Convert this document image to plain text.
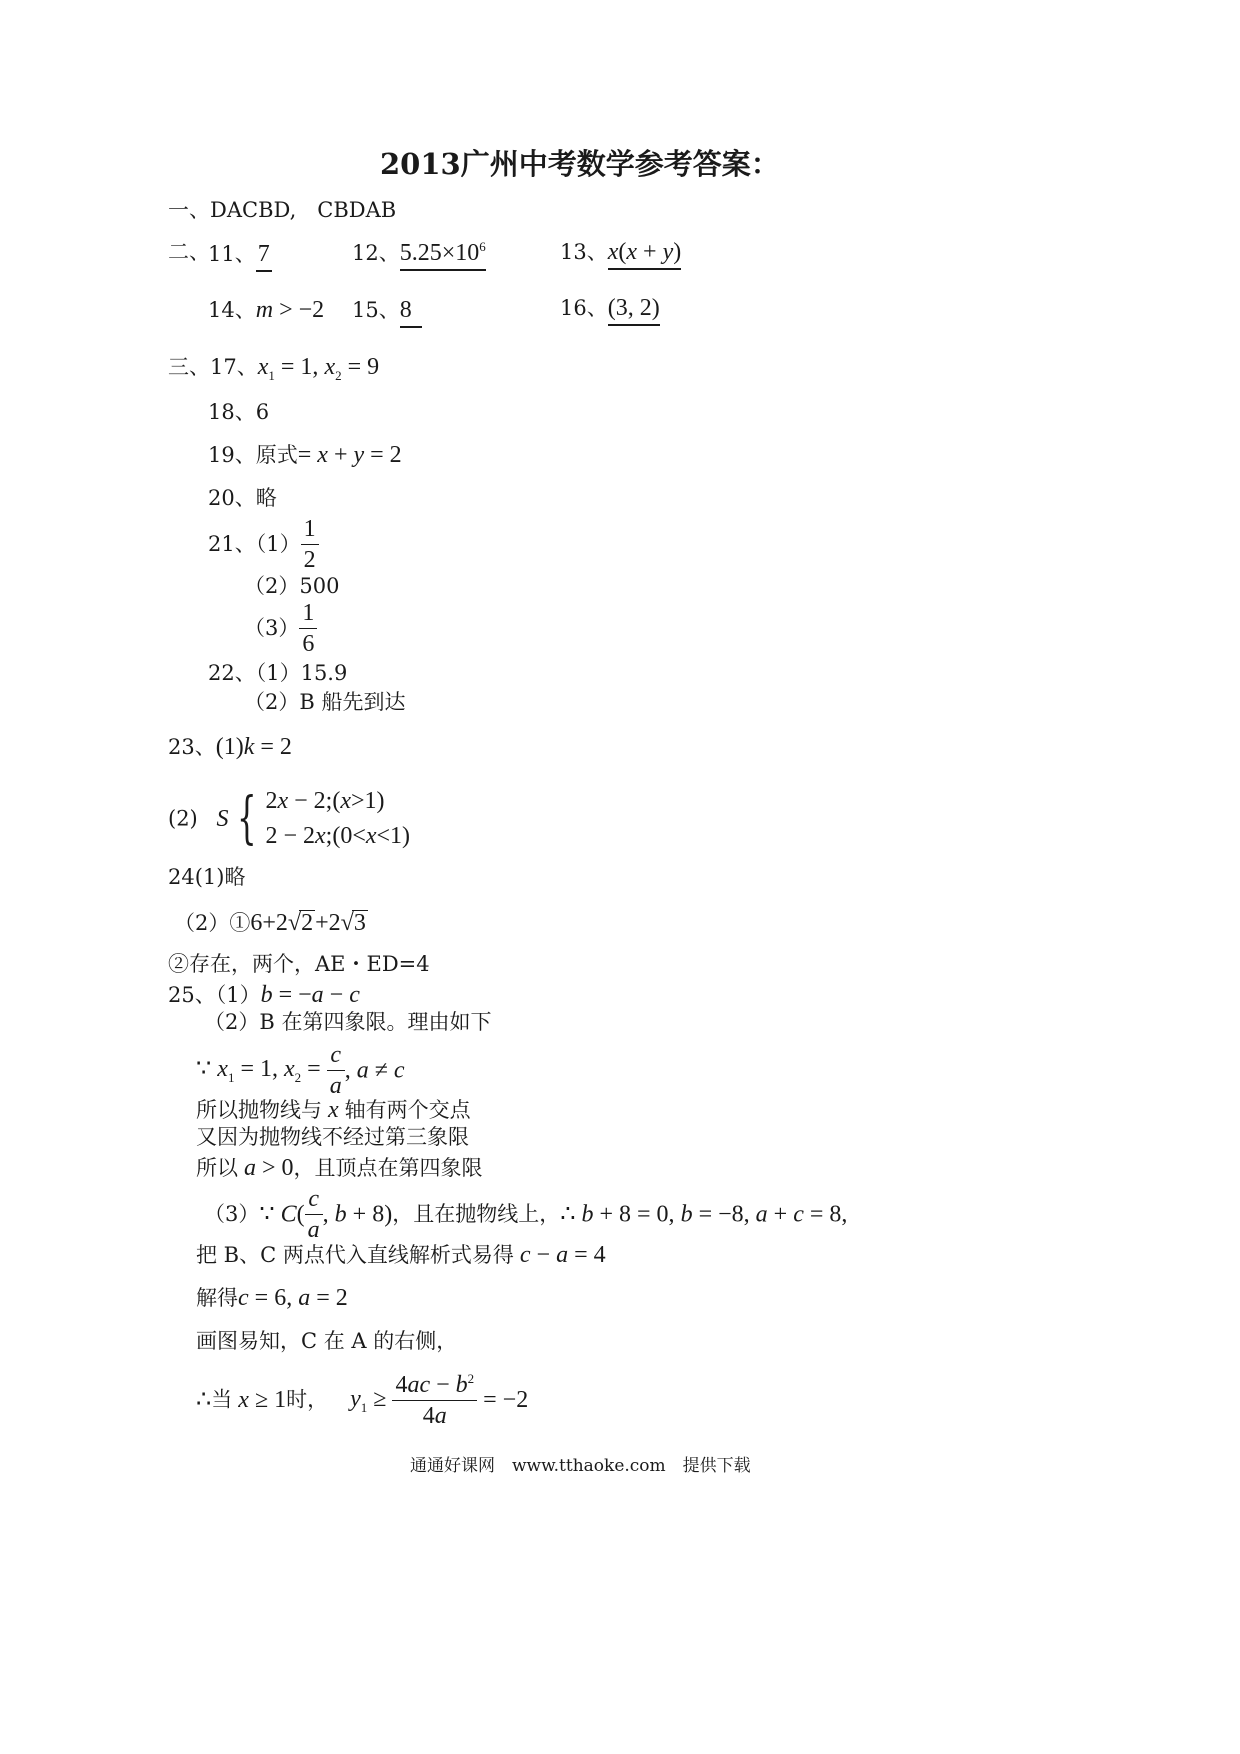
2013广州中考数学参考答案：
一、DACBD,　CBDAB
二、
11、7	12、$5.25\times 10^6$	13、x(x + y)
14、m > −2 15、8	16、(3, 2)
三、17、$x_1 = 1$, $x_2 = 9$
18、6
19、原式= x + y = 2
20、略
21、$(1) \frac{1}{2}$
（2）500
$(3) \frac{1}{6}$
22、（1）15.9
（2）B 船先到达
23、(1)k = 2
(2) S { 2x − 2;(x>1)
2 − 2x;(0<x<1)
24(1)略
（2）①6+2√2+2√3
②存在，两个，AE・ED=4
25、（1）b = −a − c
（2）B 在第四象限。理由如下
∵ $x_1 = 1$, $x_2 = \frac{c}{a}$ , a ≠ c
所以抛物线与 x 轴有两个交点
又因为抛物线不经过第三象限
所以 a > 0，且顶点在第四象限
（3）∵ $C( \frac{c}{a}$ , b + 8)，且在抛物线上，∴ b + 8 = 0, b = −8, a + c = 8,
把 B、C 两点代入直线解析式易得 c − a = 4
解得c = 6, a = 2
画图易知，C 在 A 的右侧，
∴当 x ≥ 1时， $y_1 \ge \frac{4ac - b^2}{4a} = -2$
通通好课网　www.tthaoke.com　提供下载
